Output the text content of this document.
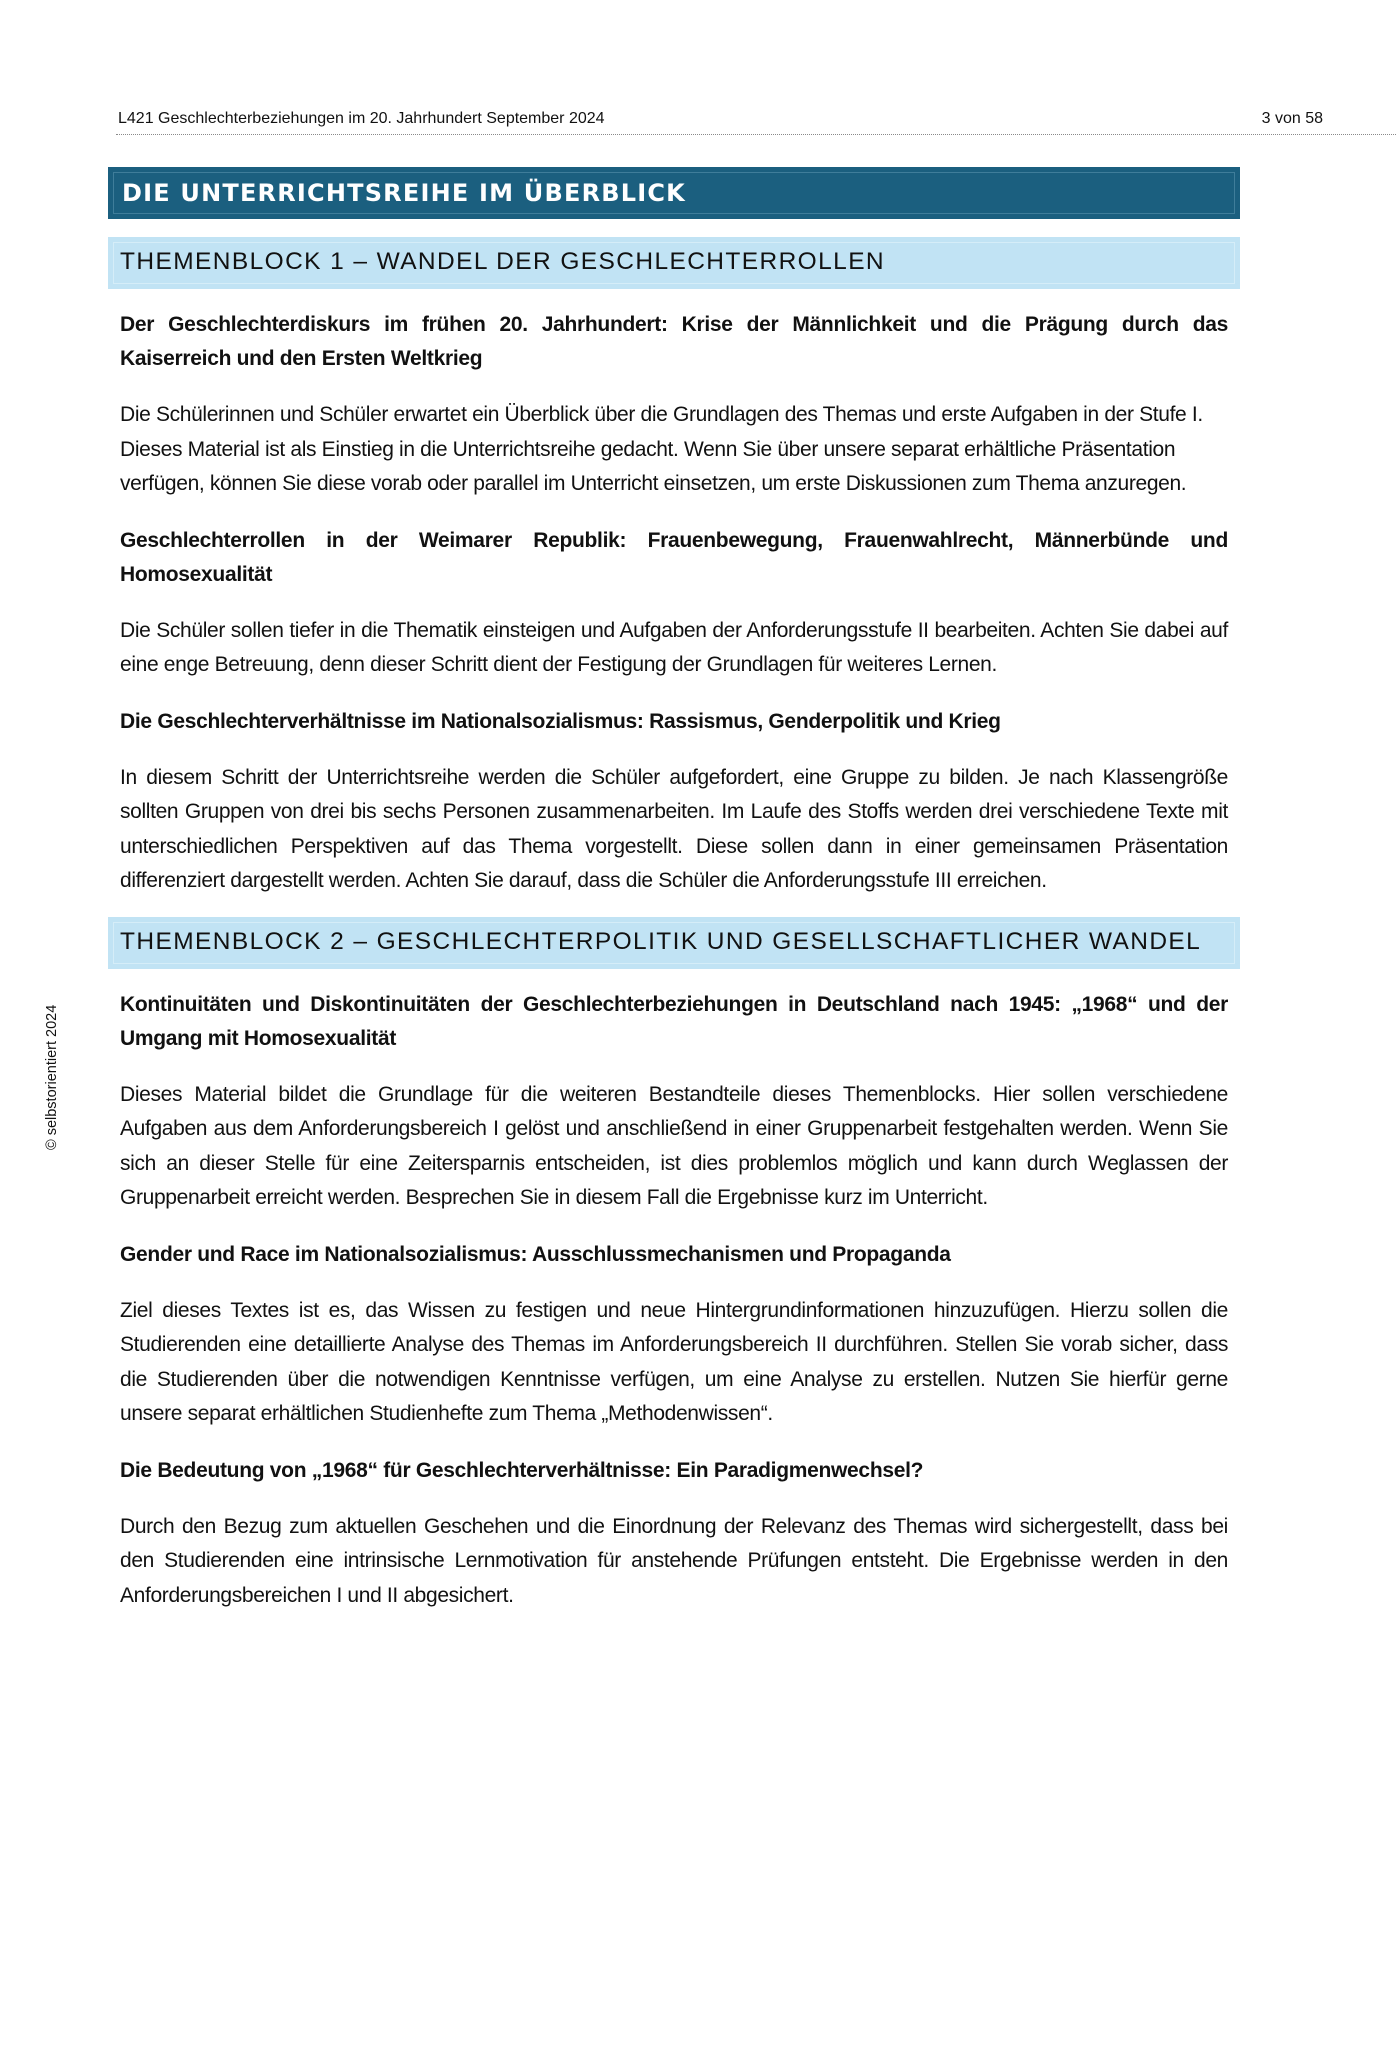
L421 Geschlechterbeziehungen im 20. Jahrhundert September 2024	3 von 58
© selbstorientiert 2024
DIE UNTERRICHTSREIHE IM ÜBERBLICK
THEMENBLOCK 1 – WANDEL DER GESCHLECHTERROLLEN
Der Geschlechterdiskurs im frühen 20. Jahrhundert: Krise der Männlichkeit und die Prägung durch das Kaiserreich und den Ersten Weltkrieg

Die Schülerinnen und Schüler erwartet ein Überblick über die Grundlagen des Themas und erste Aufgaben in der Stufe I. Dieses Material ist als Einstieg in die Unterrichtsreihe gedacht. Wenn Sie über unsere separat erhältliche Präsentation verfügen, können Sie diese vorab oder parallel im Unterricht einsetzen, um erste Diskussionen zum Thema anzuregen.

Geschlechterrollen in der Weimarer Republik: Frauenbewegung, Frauenwahlrecht, Männerbünde und Homosexualität

Die Schüler sollen tiefer in die Thematik einsteigen und Aufgaben der Anforderungsstufe II bearbeiten. Achten Sie dabei auf eine enge Betreuung, denn dieser Schritt dient der Festigung der Grundlagen für weiteres Lernen.

Die Geschlechterverhältnisse im Nationalsozialismus: Rassismus, Genderpolitik und Krieg

In diesem Schritt der Unterrichtsreihe werden die Schüler aufgefordert, eine Gruppe zu bilden. Je nach Klassengröße sollten Gruppen von drei bis sechs Personen zusammenarbeiten. Im Laufe des Stoffs werden drei verschiedene Texte mit unterschiedlichen Perspektiven auf das Thema vorgestellt. Diese sollen dann in einer gemeinsamen Präsentation differenziert dargestellt werden. Achten Sie darauf, dass die Schüler die Anforderungsstufe III erreichen.

THEMENBLOCK 2 – GESCHLECHTERPOLITIK UND GESELLSCHAFTLICHER WANDEL
Kontinuitäten und Diskontinuitäten der Geschlechterbeziehungen in Deutschland nach 1945: „1968“ und der Umgang mit Homosexualität

Dieses Material bildet die Grundlage für die weiteren Bestandteile dieses Themenblocks. Hier sollen verschiedene Aufgaben aus dem Anforderungsbereich I gelöst und anschließend in einer Gruppenarbeit festgehalten werden. Wenn Sie sich an dieser Stelle für eine Zeitersparnis entscheiden, ist dies problemlos möglich und kann durch Weglassen der Gruppenarbeit erreicht werden. Besprechen Sie in diesem Fall die Ergebnisse kurz im Unterricht.

Gender und Race im Nationalsozialismus: Ausschlussmechanismen und Propaganda

Ziel dieses Textes ist es, das Wissen zu festigen und neue Hintergrundinformationen hinzuzufügen. Hierzu sollen die Studierenden eine detaillierte Analyse des Themas im Anforderungsbereich II durchführen. Stellen Sie vorab sicher, dass die Studierenden über die notwendigen Kenntnisse verfügen, um eine Analyse zu erstellen. Nutzen Sie hierfür gerne unsere separat erhältlichen Studienhefte zum Thema „Methodenwissen“.

Die Bedeutung von „1968“ für Geschlechterverhältnisse: Ein Paradigmenwechsel?

Durch den Bezug zum aktuellen Geschehen und die Einordnung der Relevanz des Themas wird sichergestellt, dass bei den Studierenden eine intrinsische Lernmotivation für anstehende Prüfungen entsteht. Die Ergebnisse werden in den Anforderungsbereichen I und II abgesichert.
